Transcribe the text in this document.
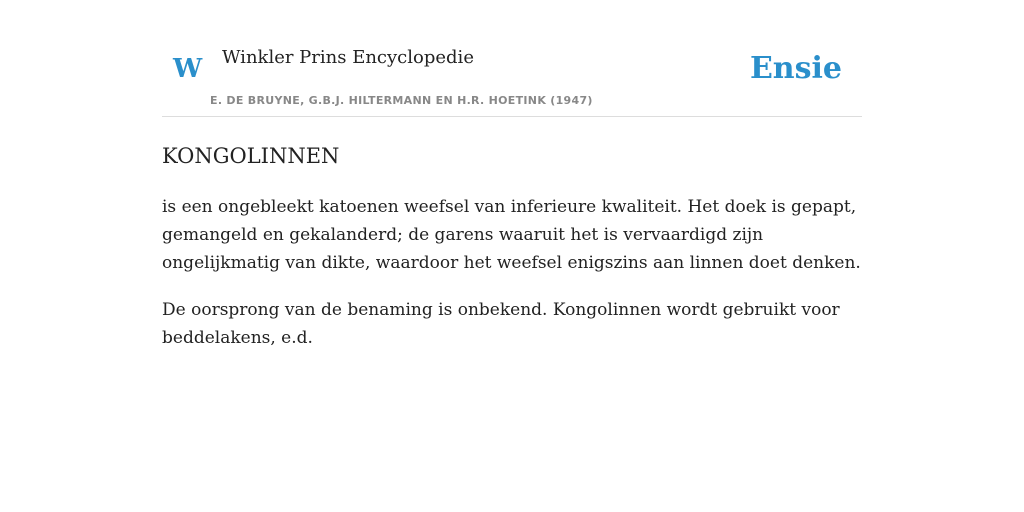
W Winkler Prins Encyclopedie
E. DE BRUYNE, G.B.J. HILTERMANN EN H.R. HOETINK (1947)
Ensie
KONGOLINNEN

is een ongebleekt katoenen weefsel van inferieure kwaliteit. Het doek is gepapt, gemangeld en gekalanderd; de garens waaruit het is vervaardigd zijn ongelijkmatig van dikte, waardoor het weefsel enigszins aan linnen doet denken.

De oorsprong van de benaming is onbekend. Kongolinnen wordt gebruikt voor beddelakens, e.d.
